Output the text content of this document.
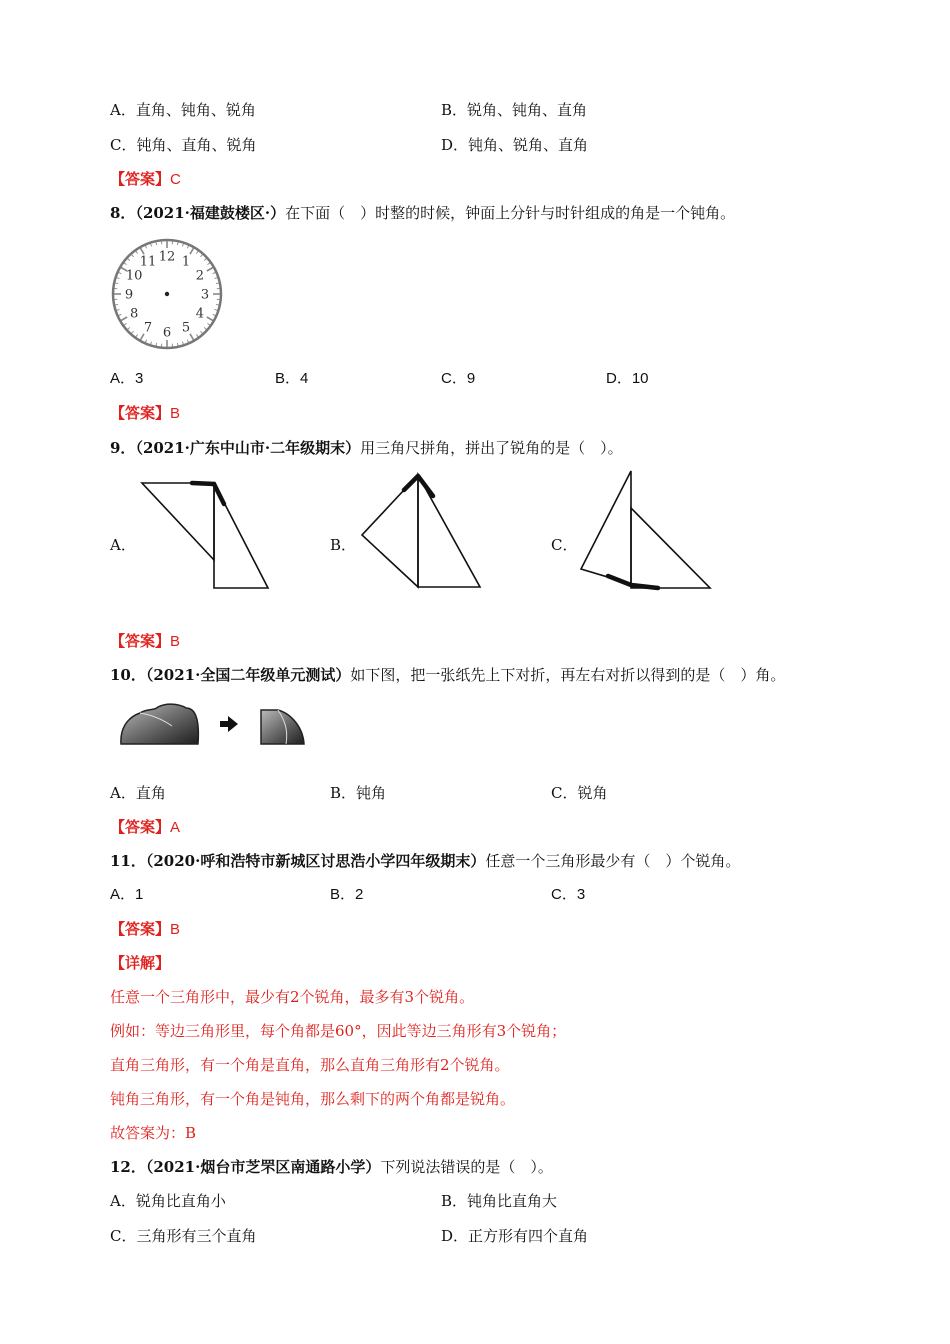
A．直角、钝角、锐角	B．锐角、钝角、直角
C．钝角、直角、锐角	D．钝角、锐角、直角
【答案】C
8．（2021·福建鼓楼区·）在下面（　）时整的时候，钟面上分针与时针组成的角是一个钝角。
12 1
2
3
4
5
6
7
8
9
10
11
A．3	B．4	C．9	D．10
【答案】B
9．（2021·广东中山市·二年级期末）用三角尺拼角，拼出了锐角的是（　）。
A．	B．	C．
【答案】B
10．（2021·全国二年级单元测试）如下图，把一张纸先上下对折，再左右对折以得到的是（　）角。
A．直角	B．钝角	C．锐角
【答案】A
11．（2020·呼和浩特市新城区讨思浩小学四年级期末）任意一个三角形最少有（　）个锐角。
A．1	B．2	C．3
【答案】B
【详解】
任意一个三角形中，最少有2个锐角，最多有3个锐角。
例如：等边三角形里，每个角都是60°，因此等边三角形有3个锐角；
直角三角形，有一个角是直角，那么直角三角形有2个锐角。
钝角三角形，有一个角是钝角，那么剩下的两个角都是锐角。
故答案为：B
12．（2021·烟台市芝罘区南通路小学）下列说法错误的是（　）。
A．锐角比直角小	B．钝角比直角大
C．三角形有三个直角	D．正方形有四个直角
